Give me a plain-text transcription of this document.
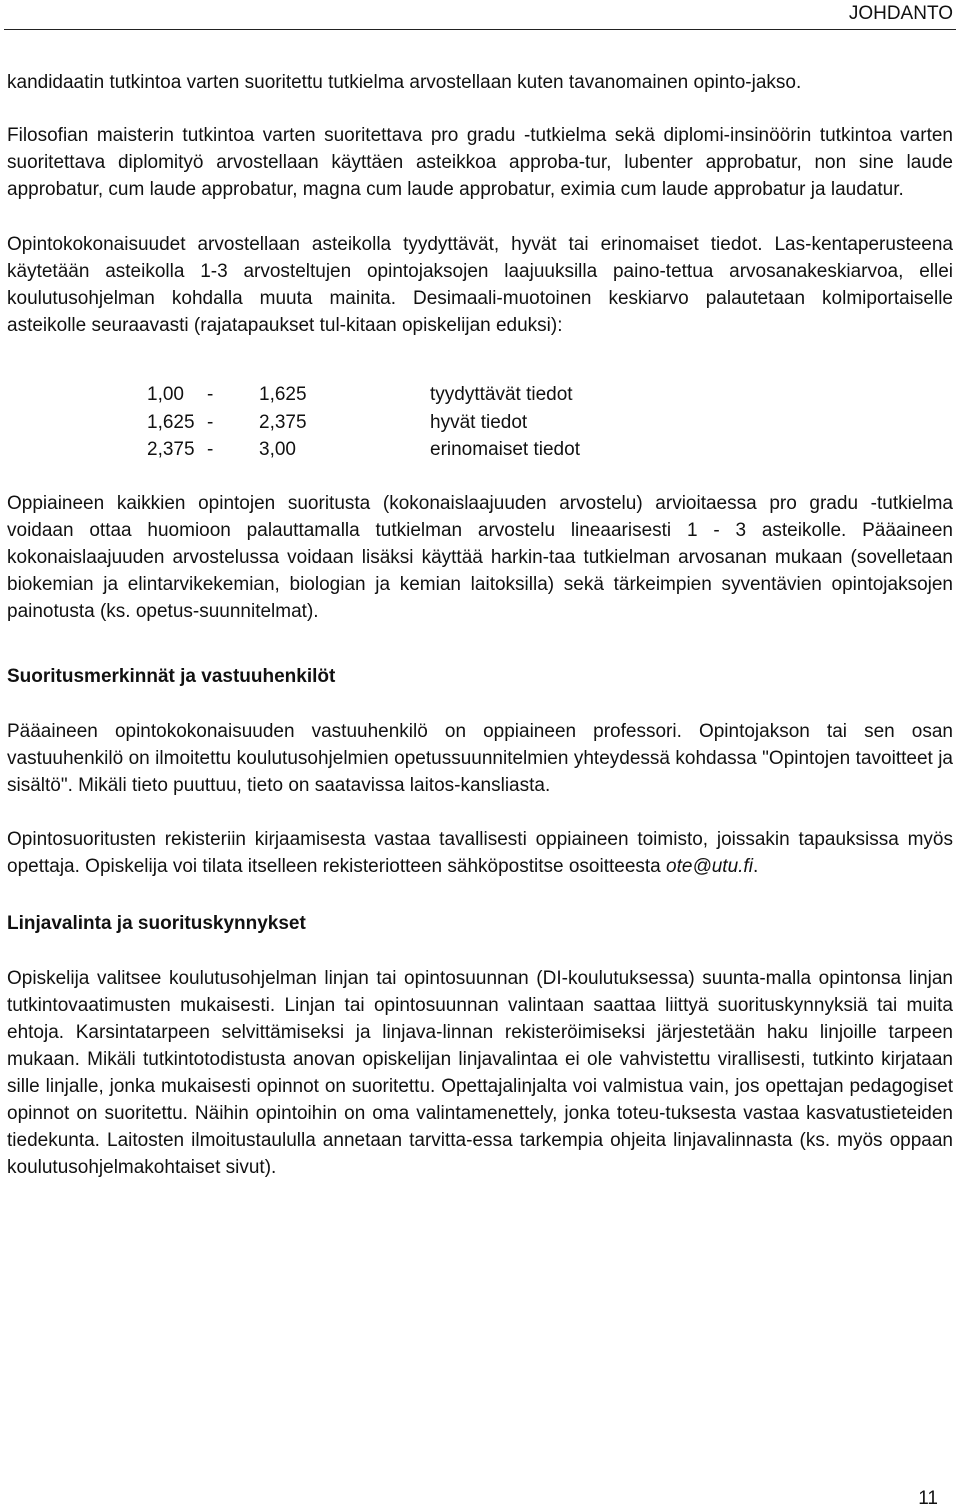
JOHDANTO

kandidaatin tutkintoa varten suoritettu tutkielma arvostellaan kuten tavanomainen opinto-jakso.

Filosofian maisterin tutkintoa varten suoritettava pro gradu -tutkielma sekä diplomi-insinöörin tutkintoa varten suoritettava diplomityö arvostellaan käyttäen asteikkoa approba-tur, lubenter approbatur, non sine laude approbatur, cum laude approbatur, magna cum laude approbatur, eximia cum laude approbatur ja laudatur.

Opintokokonaisuudet arvostellaan asteikolla tyydyttävät, hyvät tai erinomaiset tiedot. Las-kentaperusteena käytetään asteikolla 1-3 arvosteltujen opintojaksojen laajuuksilla paino-tettua arvosanakeskiarvoa, ellei koulutusohjelman kohdalla muuta mainita. Desimaali-muotoinen keskiarvo palautetaan kolmiportaiselle asteikolle seuraavasti (rajatapaukset tul-kitaan opiskelijan eduksi):

1,00	-	1,625	tyydyttävät tiedot
1,625 -	2,375	hyvät tiedot
2,375 -	3,00	erinomaiset tiedot

Oppiaineen kaikkien opintojen suoritusta (kokonaislaajuuden arvostelu) arvioitaessa pro gradu -tutkielma voidaan ottaa huomioon palauttamalla tutkielman arvostelu lineaarisesti 1 - 3 asteikolle. Pääaineen kokonaislaajuuden arvostelussa voidaan lisäksi käyttää harkin-taa tutkielman arvosanan mukaan (sovelletaan biokemian ja elintarvikekemian, biologian ja kemian laitoksilla) sekä tärkeimpien syventävien opintojaksojen painotusta (ks. opetus-suunnitelmat).

Suoritusmerkinnät ja vastuuhenkilöt

Pääaineen opintokokonaisuuden vastuuhenkilö on oppiaineen professori. Opintojakson tai sen osan vastuuhenkilö on ilmoitettu koulutusohjelmien opetussuunnitelmien yhteydessä kohdassa "Opintojen tavoitteet ja sisältö". Mikäli tieto puuttuu, tieto on saatavissa laitos-kansliasta.

Opintosuoritusten rekisteriin kirjaamisesta vastaa tavallisesti oppiaineen toimisto, joissakin tapauksissa myös opettaja. Opiskelija voi tilata itselleen rekisteriotteen sähköpostitse osoitteesta ote@utu.fi.

Linjavalinta ja suorituskynnykset

Opiskelija valitsee koulutusohjelman linjan tai opintosuunnan (DI-koulutuksessa) suunta-malla opintonsa linjan tutkintovaatimusten mukaisesti. Linjan tai opintosuunnan valintaan saattaa liittyä suorituskynnyksiä tai muita ehtoja. Karsintatarpeen selvittämiseksi ja linjava-linnan rekisteröimiseksi järjestetään haku linjoille tarpeen mukaan. Mikäli tutkintotodistusta anovan opiskelijan linjavalintaa ei ole vahvistettu virallisesti, tutkinto kirjataan sille linjalle, jonka mukaisesti opinnot on suoritettu. Opettajalinjalta voi valmistua vain, jos opettajan pedagogiset opinnot on suoritettu. Näihin opintoihin on oma valintamenettely, jonka toteu-tuksesta vastaa kasvatustieteiden tiedekunta. Laitosten ilmoitustaululla annetaan tarvitta-essa tarkempia ohjeita linjavalinnasta (ks. myös oppaan koulutusohjelmakohtaiset sivut).

11
